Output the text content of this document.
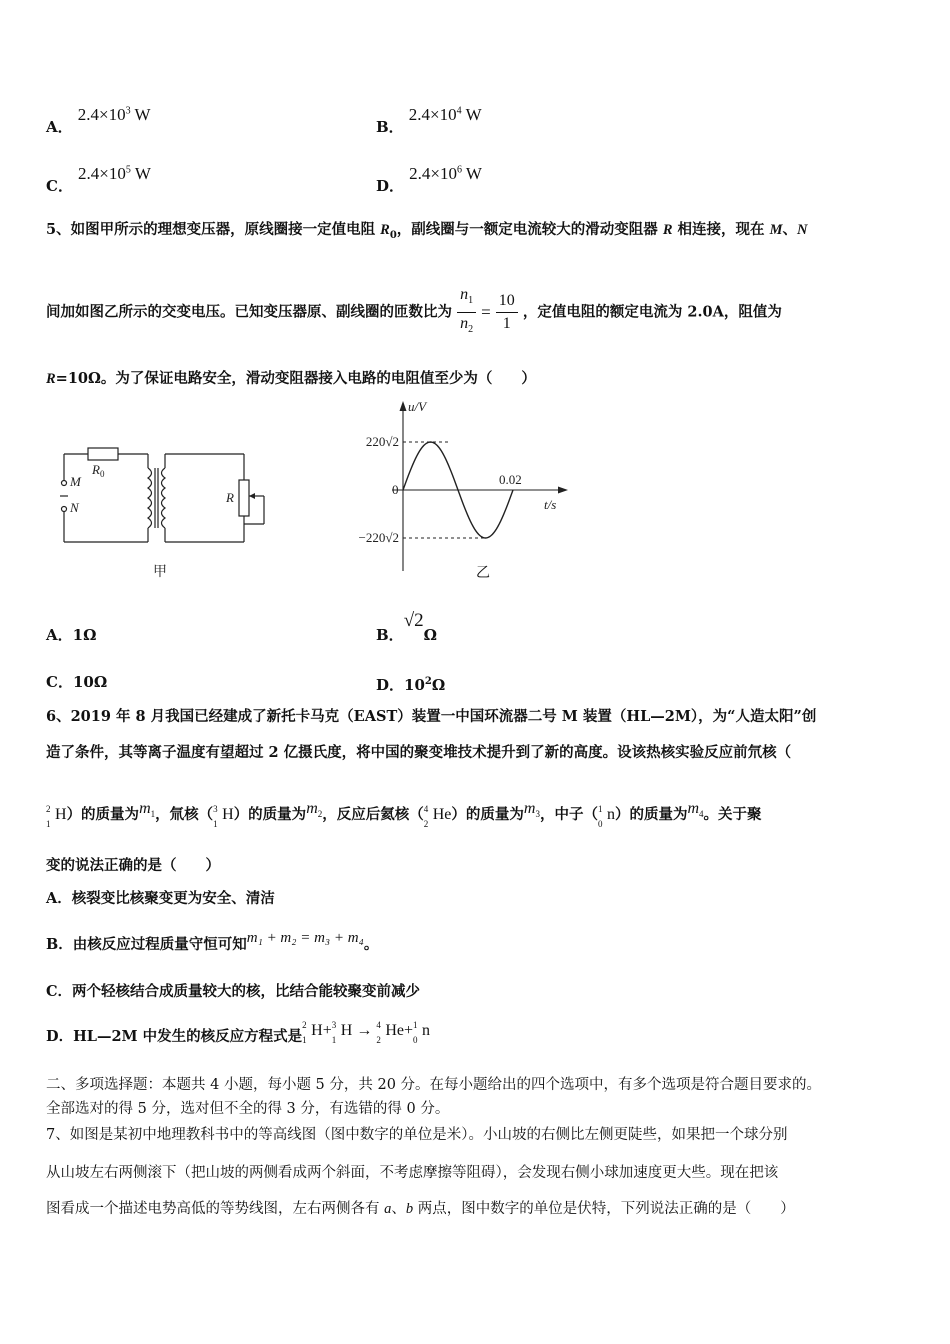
A． $2.4\times 10^3$ W
B． $2.4\times 10^4$ W
C． $2.4\times 10^5$ W
D． $2.4\times 10^6$ W
5、如图甲所示的理想变压器，原线圈接一定值电阻 $R_0$，副线圈与一额定电流较大的滑动变阻器 R 相连接，现在 M、N
间加如图乙所示的交变电压。已知变压器原、副线圈的匝数比为 $\frac{n_1}{n_2} = \frac{10}{1}$ ，定值电阻的额定电流为 2.0A，阻值为
R=10Ω。为了保证电路安全，滑动变阻器接入电路的电阻值至少为（　　）
$R_0$
M
N
R
甲
u/V
t/s
0
220√2
−220√2
0.02
乙
A．1Ω	B．√2Ω
C．10Ω	D．$10^2\Omega$
6、2019 年 8 月我国已经建成了新托卡马克（EAST）装置一中国环流器二号 M 装置（HL—2M），为“人造太阳”创
造了条件，其等离子温度有望超过 2 亿摄氏度，将中国的聚变堆技术提升到了新的高度。设该热核实验反应前氘核（
2
1
H）的质量为$m_1$，氚核（ 3
1
H）的质量为$m_2$，反应后氦核（ 4
2
He）的质量为$m_3$，中子（ 1
0
n）的质量为$m_4$。关于聚
变的说法正确的是（　　）
A．核裂变比核聚变更为安全、清洁
B．由核反应过程质量守恒可知m₁ + m₂ = m₃ + m₄。
C．两个轻核结合成质量较大的核，比结合能较聚变前减少
D．HL—2M 中发生的核反应方程式是
2
1
H+ 3
1
H → 4
2
He+ 1
0
n
二、多项选择题：本题共 4 小题，每小题 5 分，共 20 分。在每小题给出的四个选项中，有多个选项是符合题目要求的。
全部选对的得 5 分，选对但不全的得 3 分，有选错的得 0 分。
7、如图是某初中地理教科书中的等高线图（图中数字的单位是米）。小山坡的右侧比左侧更陡些，如果把一个球分别
从山坡左右两侧滚下（把山坡的两侧看成两个斜面，不考虑摩擦等阻碍），会发现右侧小球加速度更大些。现在把该
图看成一个描述电势高低的等势线图，左右两侧各有 a、b 两点，图中数字的单位是伏特，下列说法正确的是（　　）
